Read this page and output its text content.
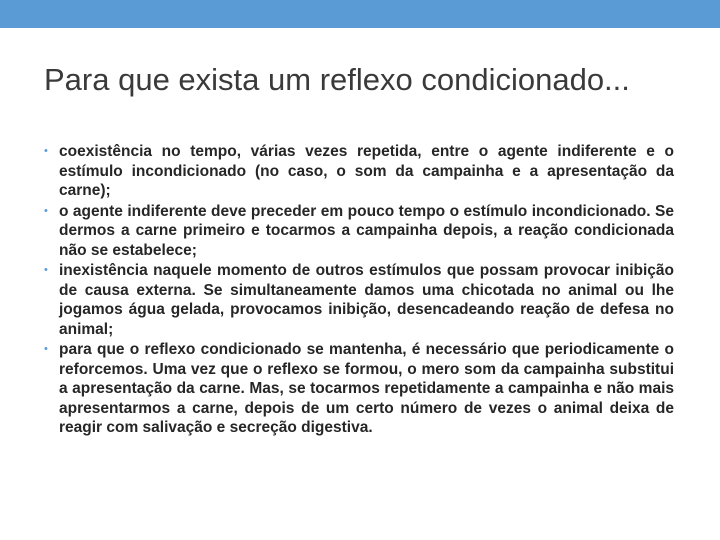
Para que exista um reflexo condicionado...
• coexistência no tempo, várias vezes repetida, entre o agente indiferente e o estímulo incondicionado (no caso, o som da campainha e a apresentação da carne);
• o agente indiferente deve preceder em pouco tempo o estímulo incondicionado. Se dermos a carne primeiro e tocarmos a campainha depois, a reação condicionada não se estabelece;
• inexistência naquele momento de outros estímulos que possam provocar inibição de causa externa. Se simultaneamente damos uma chicotada no animal ou lhe jogamos água gelada, provocamos inibição, desencadeando reação de defesa no animal;
• para que o reflexo condicionado se mantenha, é necessário que periodicamente o reforcemos. Uma vez que o reflexo se formou, o mero som da campainha substitui a apresentação da carne. Mas, se tocarmos repetidamente a campainha e não mais apresentarmos a carne, depois de um certo número de vezes o animal deixa de reagir com salivação e secreção digestiva.
